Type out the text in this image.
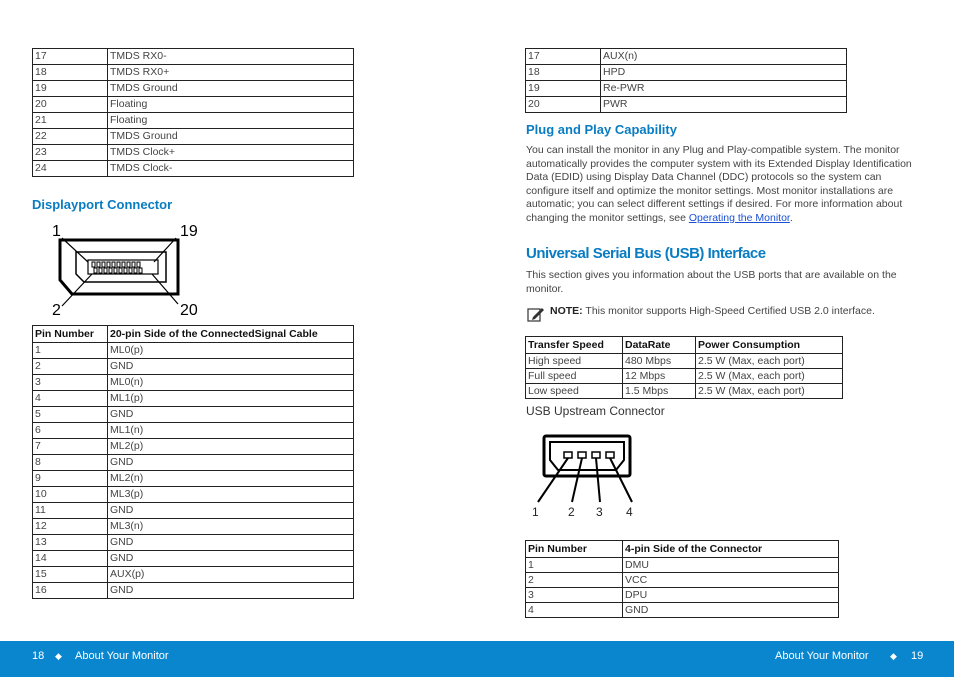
17	TMDS RX0-
18	TMDS RX0+
19	TMDS Ground
20	Floating
21	Floating
22	TMDS Ground
23	TMDS Clock+
24	TMDS Clock-
Displayport Connector
1	19
2	20
Pin Number	20-pin Side of the ConnectedSignal Cable
1	ML0(p)
2	GND
3	ML0(n)
4	ML1(p)
5	GND
6	ML1(n)
7	ML2(p)
8	GND
9	ML2(n)
10	ML3(p)
11	GND
12	ML3(n)
13	GND
14	GND
15	AUX(p)
16	GND
17	AUX(n)
18	HPD
19	Re-PWR
20	PWR
Plug and Play Capability
You can install the monitor in any Plug and Play-compatible system. The monitor automatically provides the computer system with its Extended Display Identification Data (EDID) using Display Data Channel (DDC) protocols so the system can configure itself and optimize the monitor settings. Most monitor installations are automatic; you can select different settings if desired. For more information about changing the monitor settings, see Operating the Monitor.
Universal Serial Bus (USB) Interface
This section gives you information about the USB ports that are available on the monitor.
NOTE: This monitor supports High-Speed Certified USB 2.0 interface.
Transfer Speed	DataRate	Power Consumption
High speed	480 Mbps	2.5 W (Max, each port)
Full speed	12 Mbps	2.5 W (Max, each port)
Low speed	1.5 Mbps	2.5 W (Max, each port)
USB Upstream Connector
1 2 3 4
Pin Number	4-pin Side of the Connector
1	DMU
2	VCC
3	DPU
4	GND
18 ◆ About Your Monitor	About Your Monitor ◆ 19
